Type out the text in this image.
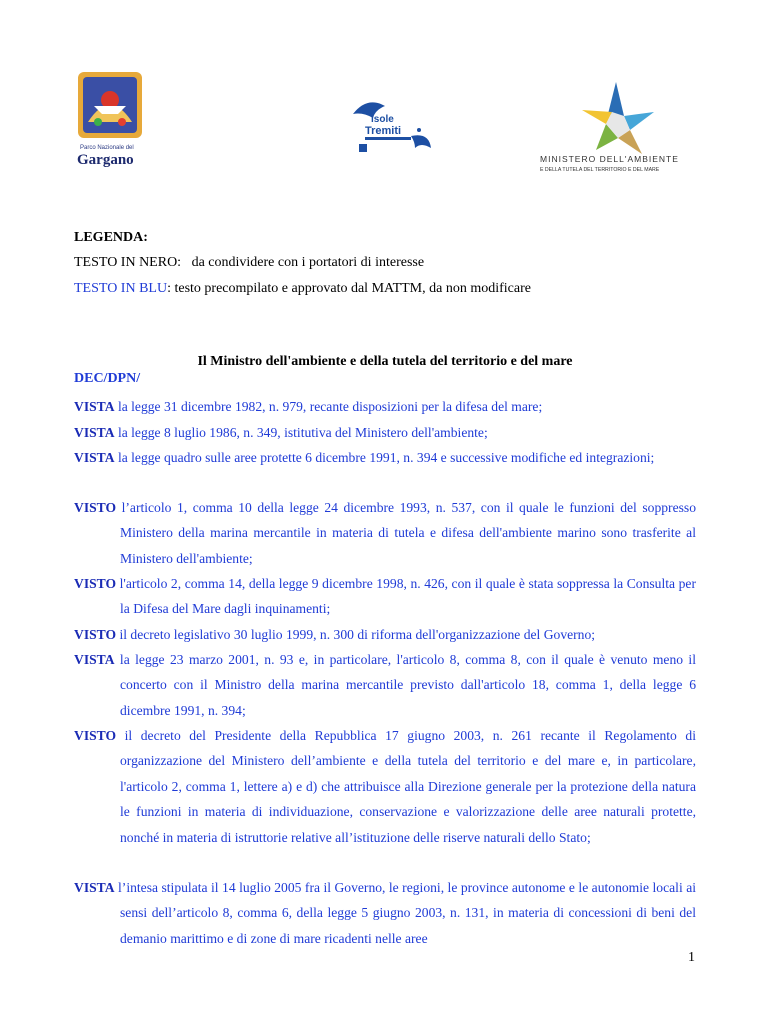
Parco Nazionale del
Gargano
isole
Tremiti
MINISTERO DELL'AMBIENTE
E DELLA TUTELA DEL TERRITORIO E DEL MARE
LEGENDA:
TESTO IN NERO: da condividere con i portatori di interesse
TESTO IN BLU: testo precompilato e approvato dal MATTM, da non modificare
Il Ministro dell'ambiente e della tutela del territorio e del mare
DEC/DPN/
VISTA la legge 31 dicembre 1982, n. 979, recante disposizioni per la difesa del mare;
VISTA la legge 8 luglio 1986, n. 349, istitutiva del Ministero dell'ambiente;
VISTA la legge quadro sulle aree protette 6 dicembre 1991, n. 394 e successive modifiche ed integrazioni;
VISTO l’articolo 1, comma 10 della legge 24 dicembre 1993, n. 537, con il quale le funzioni del soppresso Ministero della marina mercantile in materia di tutela e difesa dell'ambiente marino sono trasferite al Ministero dell'ambiente;
VISTO l'articolo 2, comma 14, della legge 9 dicembre 1998, n. 426, con il quale è stata soppressa la Consulta per la Difesa del Mare dagli inquinamenti;
VISTO il decreto legislativo 30 luglio 1999, n. 300 di riforma dell'organizzazione del Governo;
VISTA la legge 23 marzo 2001, n. 93 e, in particolare, l'articolo 8, comma 8, con il quale è venuto meno il concerto con il Ministro della marina mercantile previsto dall'articolo 18, comma 1, della legge 6 dicembre 1991, n. 394;
VISTO il decreto del Presidente della Repubblica 17 giugno 2003, n. 261 recante il Regolamento di organizzazione del Ministero dell’ambiente e della tutela del territorio e del mare e, in particolare, l'articolo 2, comma 1, lettere a) e d) che attribuisce alla Direzione generale per la protezione della natura le funzioni in materia di individuazione, conservazione e valorizzazione delle aree naturali protette, nonché in materia di istruttorie relative all’istituzione delle riserve naturali dello Stato;
VISTA l’intesa stipulata il 14 luglio 2005 fra il Governo, le regioni, le province autonome e le autonomie locali ai sensi dell’articolo 8, comma 6, della legge 5 giugno 2003, n. 131, in materia di concessioni di beni del demanio marittimo e di zone di mare ricadenti nelle aree
1
